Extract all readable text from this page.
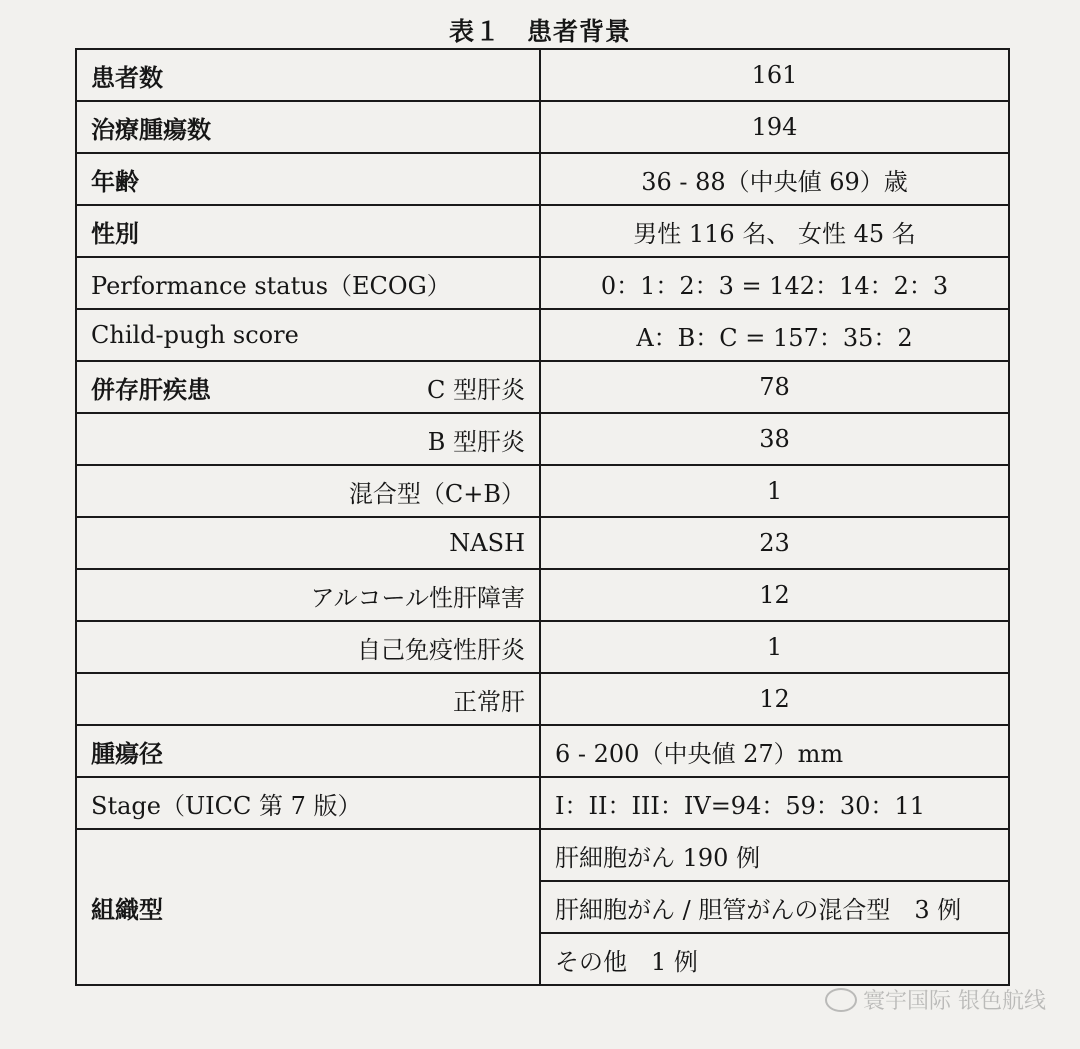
表１　患者背景
患者数	161
治療腫瘍数	194
年齢	36 - 88（中央値 69）歳
性別	男性 116 名、 女性 45 名
Performance status（ECOG）	0：1：2：3 = 142：14：2：3
Child-pugh score	A：B：C = 157：35：2

併存肝疾患 C 型肝炎	78
B 型肝炎	38
混合型（C+B）	1
NASH	23
アルコール性肝障害	12
自己免疫性肝炎	1
正常肝	12
腫瘍径	6 - 200（中央値 27）mm
Stage（UICC 第 7 版）	I：II：III：IV=94：59：30：11
組織型	肝細胞がん 190 例
	肝細胞がん / 胆管がんの混合型　3 例
	その他　1 例
寰宇国际 银色航线
